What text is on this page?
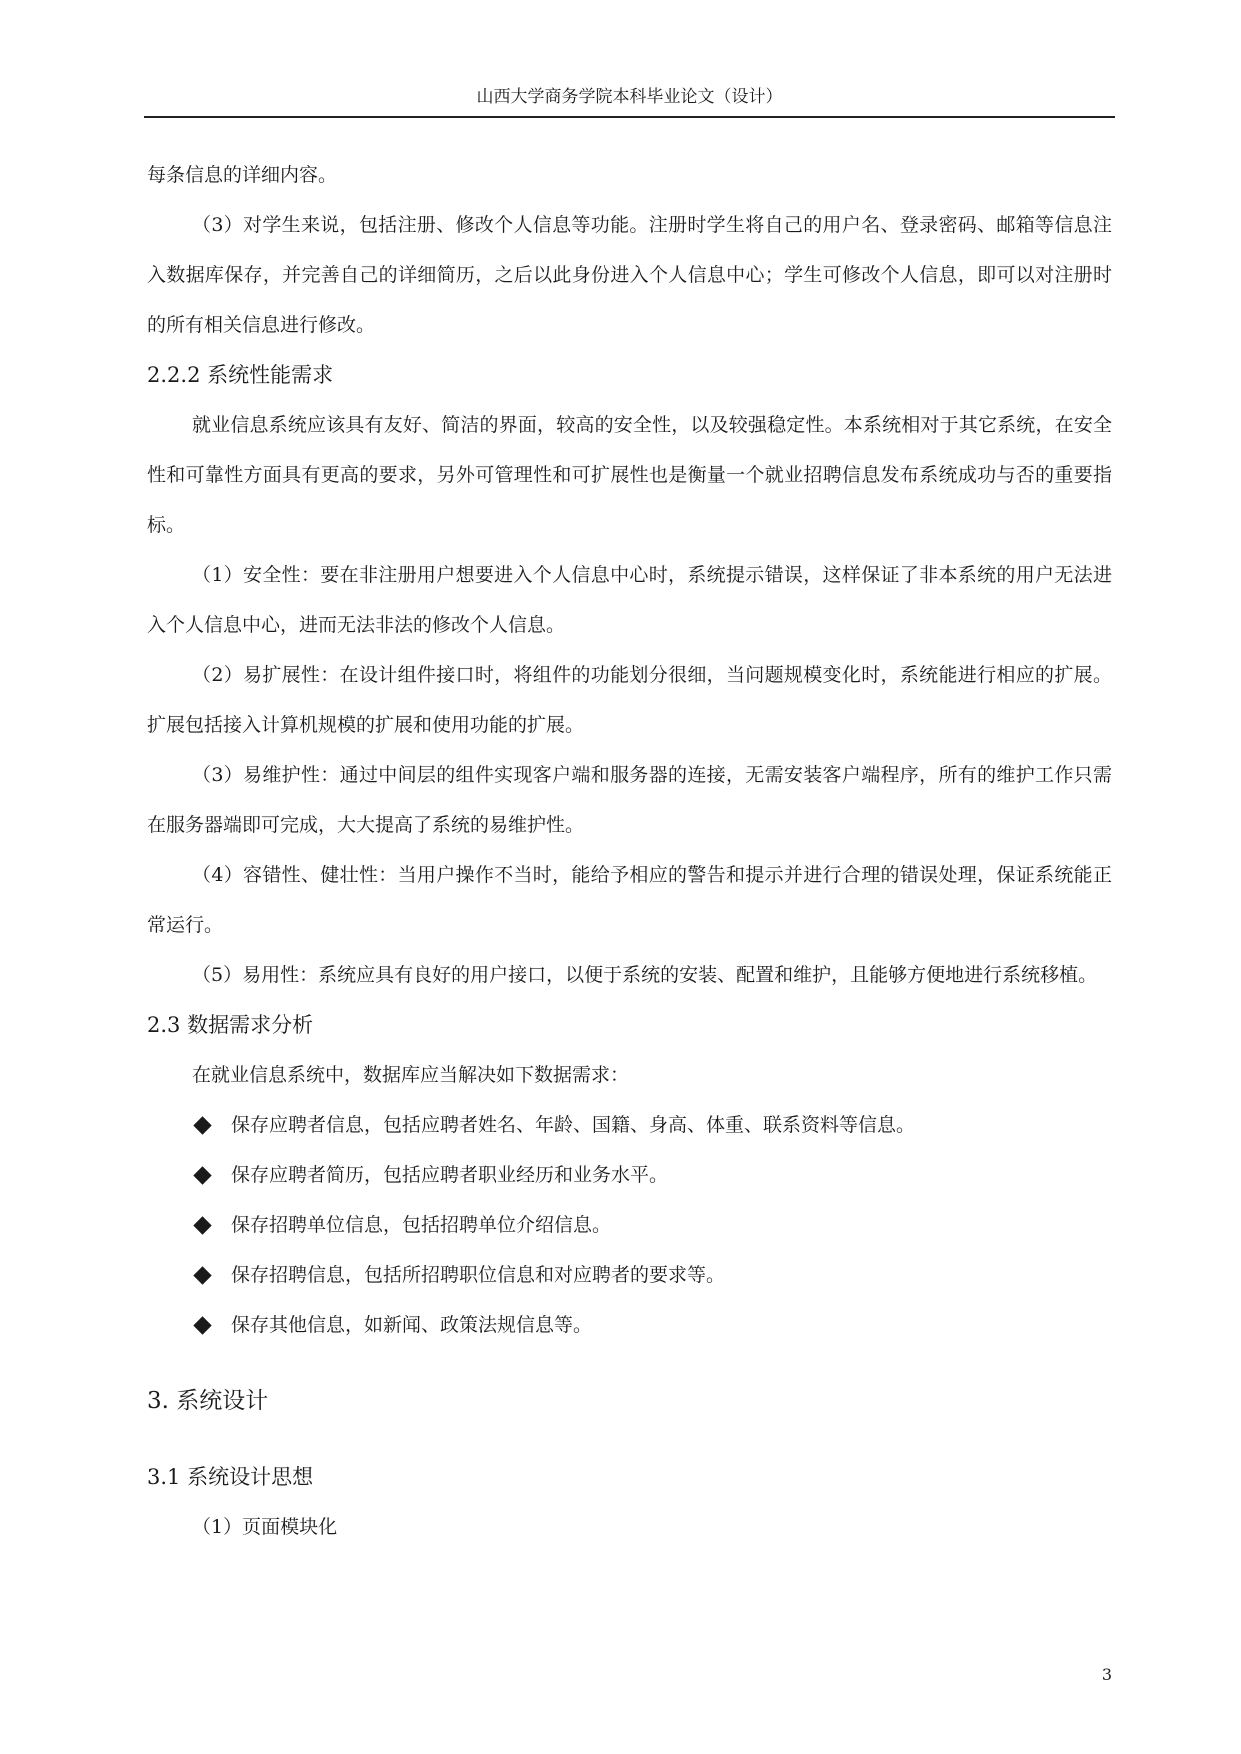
山西大学商务学院本科毕业论文（设计）

每条信息的详细内容。

（3）对学生来说，包括注册、修改个人信息等功能。注册时学生将自己的用户名、登录密码、邮箱等信息注入数据库保存，并完善自己的详细简历，之后以此身份进入个人信息中心；学生可修改个人信息，即可以对注册时的所有相关信息进行修改。

2.2.2 系统性能需求

就业信息系统应该具有友好、简洁的界面，较高的安全性，以及较强稳定性。本系统相对于其它系统，在安全性和可靠性方面具有更高的要求，另外可管理性和可扩展性也是衡量一个就业招聘信息发布系统成功与否的重要指标。

（1）安全性：要在非注册用户想要进入个人信息中心时，系统提示错误，这样保证了非本系统的用户无法进入个人信息中心，进而无法非法的修改个人信息。

（2）易扩展性：在设计组件接口时，将组件的功能划分很细，当问题规模变化时，系统能进行相应的扩展。扩展包括接入计算机规模的扩展和使用功能的扩展。

（3）易维护性：通过中间层的组件实现客户端和服务器的连接，无需安装客户端程序，所有的维护工作只需在服务器端即可完成，大大提高了系统的易维护性。

（4）容错性、健壮性：当用户操作不当时，能给予相应的警告和提示并进行合理的错误处理，保证系统能正常运行。

（5）易用性：系统应具有良好的用户接口，以便于系统的安装、配置和维护，且能够方便地进行系统移植。

2.3 数据需求分析

在就业信息系统中，数据库应当解决如下数据需求：

保存应聘者信息，包括应聘者姓名、年龄、国籍、身高、体重、联系资料等信息。
保存应聘者简历，包括应聘者职业经历和业务水平。
保存招聘单位信息，包括招聘单位介绍信息。
保存招聘信息，包括所招聘职位信息和对应聘者的要求等。
保存其他信息，如新闻、政策法规信息等。

3. 系统设计

3.1 系统设计思想

（1）页面模块化

3
